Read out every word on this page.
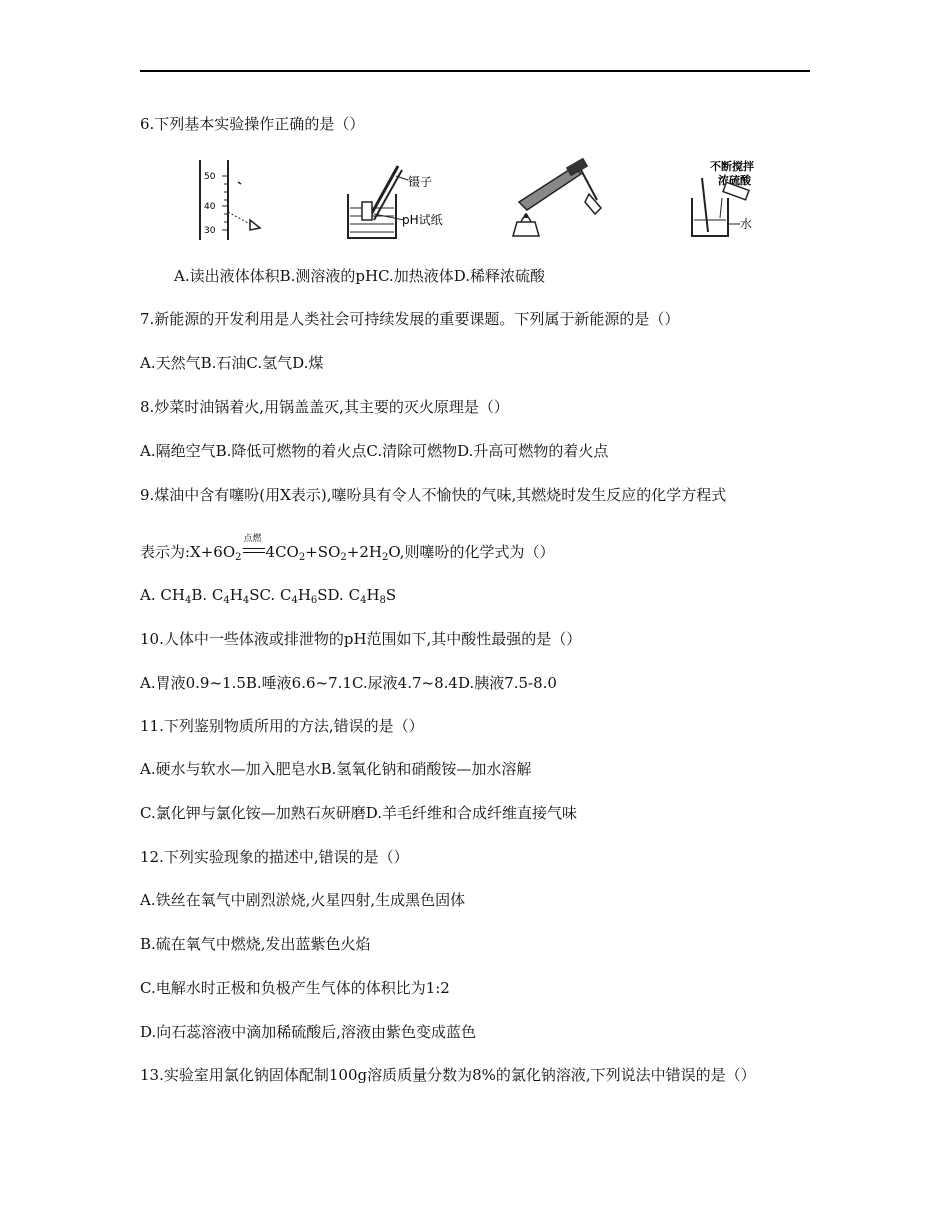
6.下列基本实验操作正确的是（）
50
40
30
镊子
pH试纸
不断搅拌
浓硫酸
水
A.读出液体体积B.测溶液的pHC.加热液体D.稀释浓硫酸
7.新能源的开发利用是人类社会可持续发展的重要课题。下列属于新能源的是（）
A.天然气B.石油C.氢气D.煤
8.炒菜时油锅着火,用锅盖盖灭,其主要的灭火原理是（）
A.隔绝空气B.降低可燃物的着火点C.清除可燃物D.升高可燃物的着火点
9.煤油中含有噻吩(用X表示),噻吩具有令人不愉快的气味,其燃烧时发生反应的化学方程式
表示为$:X+6O_2$
点燃
$4CO_2+SO_2+2H_2O$,则噻吩的化学式为（）
A. $CH_4B$. $C_4H_4SC$. $C_4H_6SD$. $C_4H_8S$
10.人体中一些体液或排泄物的pH范围如下,其中酸性最强的是（）
A.胃液0.9~1.5B.唾液6.6~7.1C.尿液4.7~8.4D.胰液7.5-8.0
11.下列鉴别物质所用的方法,错误的是（）
A.硬水与软水—加入肥皂水B.氢氧化钠和硝酸铵—加水溶解
C.氯化钾与氯化铵—加熟石灰研磨D.羊毛纤维和合成纤维直接气味
12.下列实验现象的描述中,错误的是（）
A.铁丝在氧气中剧烈淤烧,火星四射,生成黑色固体
B.硫在氧气中燃烧,发出蓝紫色火焰
C.电解水时正极和负极产生气体的体积比为1:2
D.向石蕊溶液中滴加稀硫酸后,溶液由紫色变成蓝色
13.实验室用氯化钠固体配制100g溶质质量分数为8%的氯化钠溶液,下列说法中错误的是（）
